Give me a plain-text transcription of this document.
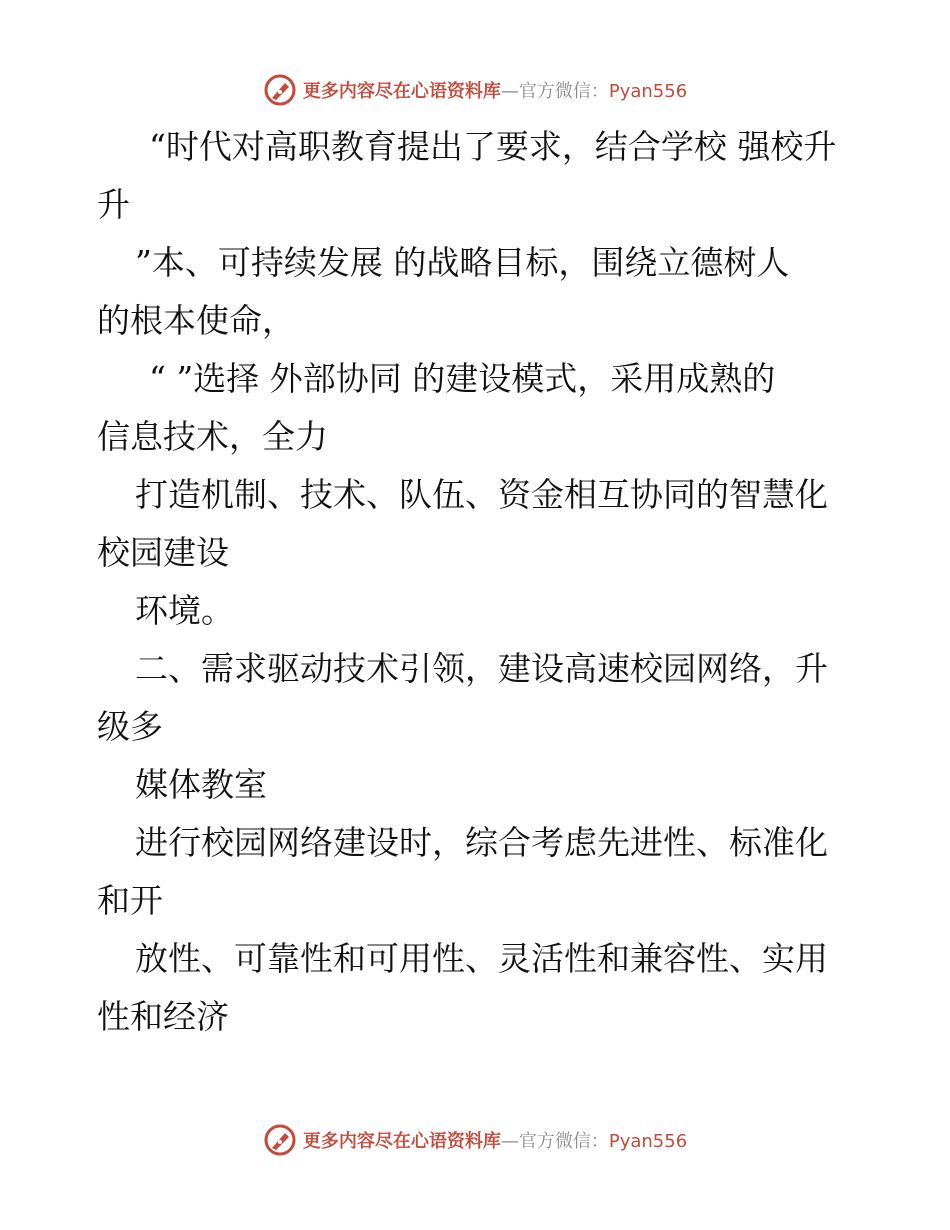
更多内容尽在心语资料库—官方微信：Pyan556
“时代对高职教育提出了要求，结合学校 强校升
升
”本、可持续发展 的战略目标，围绕立德树人
的根本使命，
“ ”选择 外部协同 的建设模式，采用成熟的
信息技术，全力
打造机制、技术、队伍、资金相互协同的智慧化
校园建设
环境。
二、需求驱动技术引领，建设高速校园网络，升
级多
媒体教室
进行校园网络建设时，综合考虑先进性、标准化
和开
放性、可靠性和可用性、灵活性和兼容性、实用
性和经济
更多内容尽在心语资料库—官方微信：Pyan556
